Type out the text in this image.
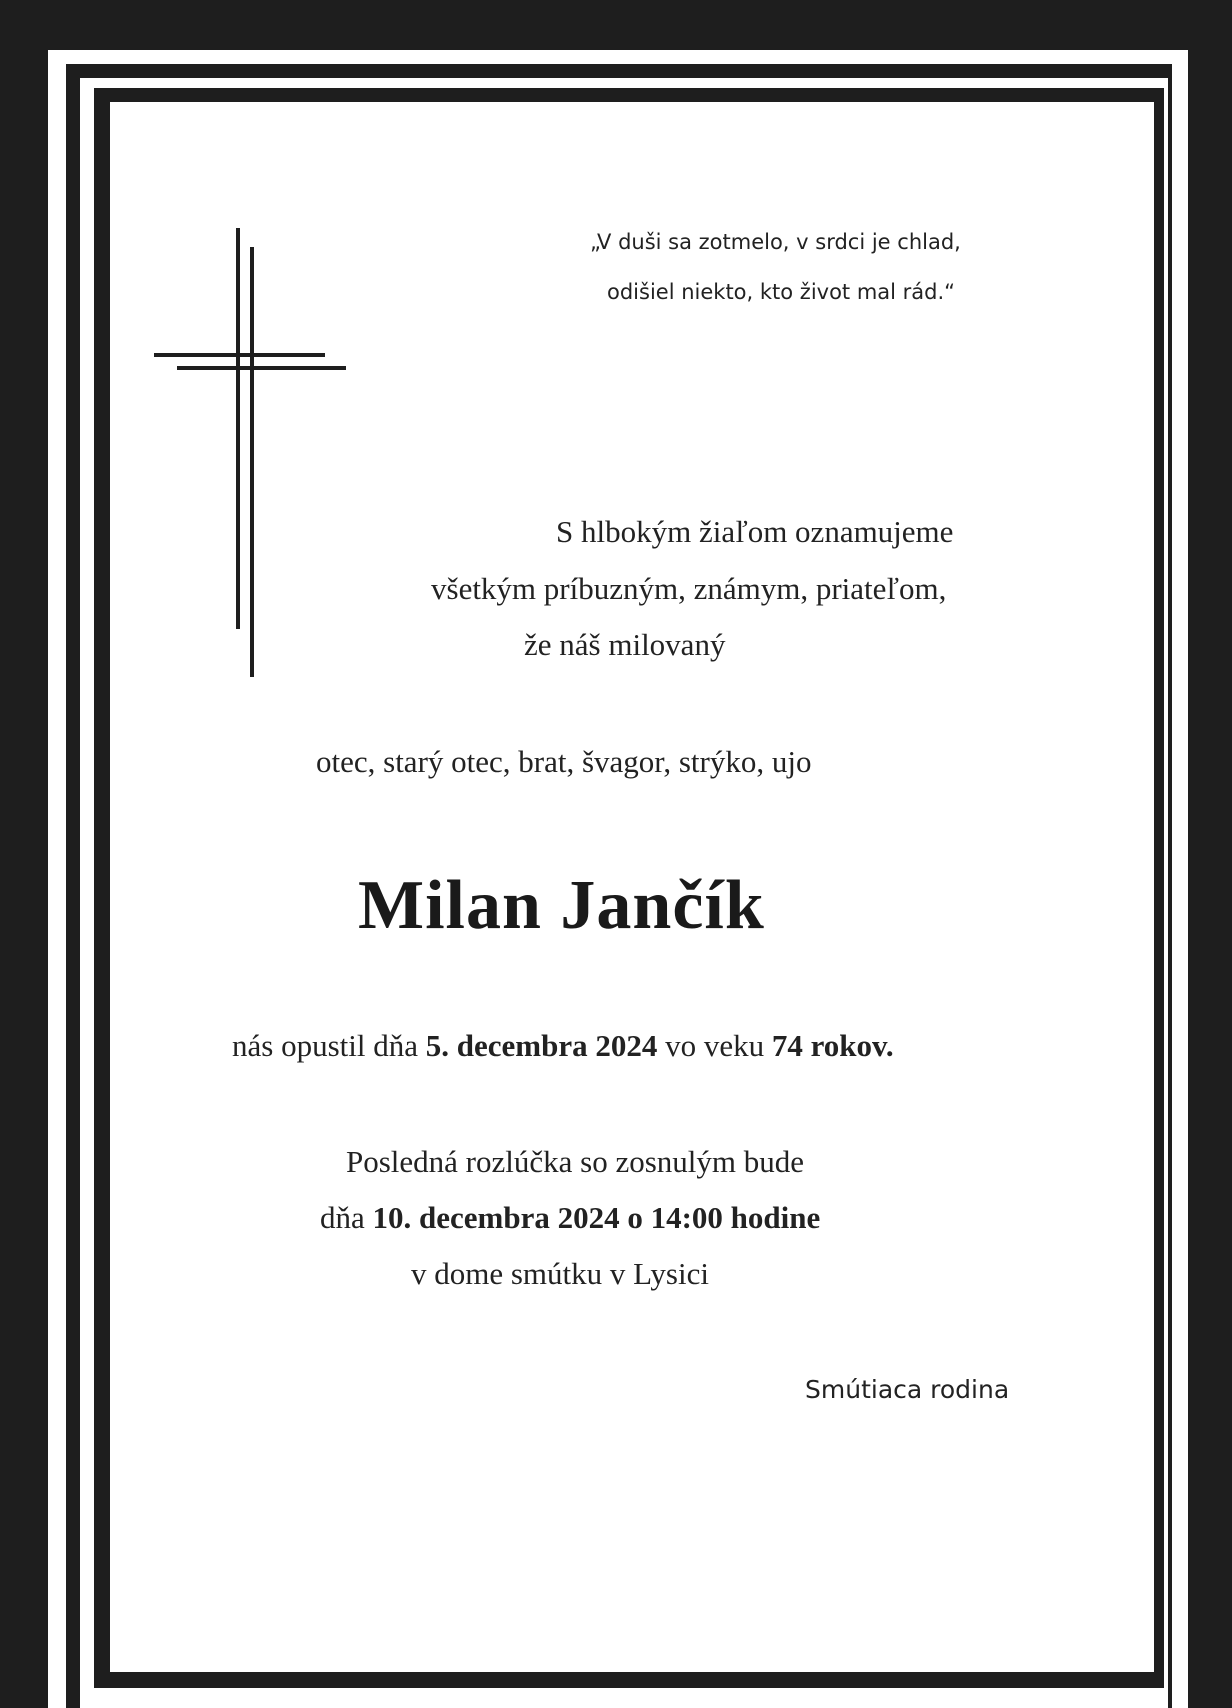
„V duši sa zotmelo, v srdci je chlad,
odišiel niekto, kto život mal rád.“
S hlbokým žiaľom oznamujeme
všetkým príbuzným, známym, priateľom,
že náš milovaný
otec, starý otec, brat, švagor, strýko, ujo
Milan Jančík
nás opustil dňa 5. decembra 2024 vo veku 74 rokov.
Posledná rozlúčka so zosnulým bude
dňa 10. decembra 2024 o 14:00 hodine
v dome smútku v Lysici
Smútiaca rodina
